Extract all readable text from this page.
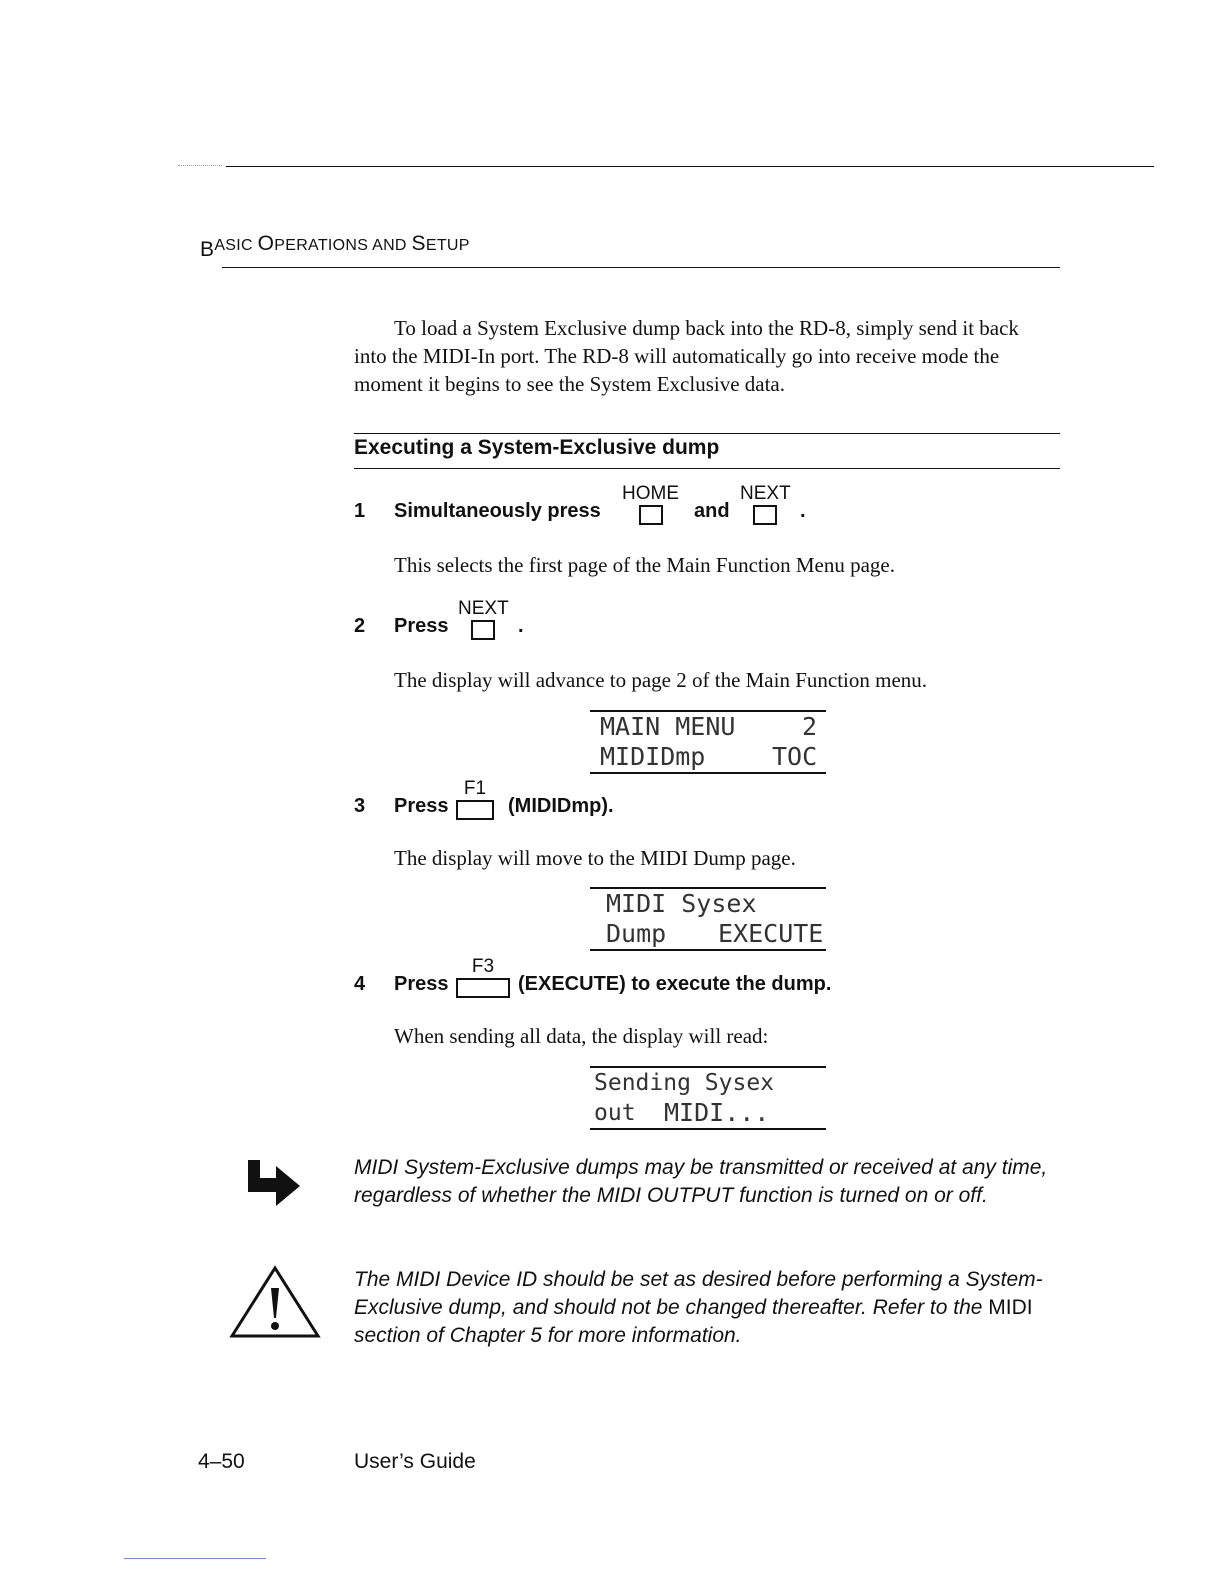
BASIC OPERATIONS AND SETUP

To load a System Exclusive dump back into the RD-8, simply send it back into the MIDI-In port. The RD-8 will automatically go into receive mode the moment it begins to see the System Exclusive data.

Executing a System-Exclusive dump
1 Simultaneously press
HOME
and
NEXT
.
This selects the first page of the Main Function Menu page.
2 Press
NEXT
.
The display will advance to page 2 of the Main Function menu.
MAIN MENU	2
MIDIDmp	TOC
3 Press
F1
(MIDIDmp).
The display will move to the MIDI Dump page.
MIDI Sysex Dump	EXECUTE
4 Press
F3
(EXECUTE) to execute the dump.
When sending all data, the display will read:
Sending Sysex out	MIDI...
MIDI System-Exclusive dumps may be transmitted or received at any time, regardless of whether the MIDI OUTPUT function is turned on or off.
The MIDI Device ID should be set as desired before performing a System-Exclusive dump, and should not be changed thereafter. Refer to the MIDI section of Chapter 5 for more information.
4–50	User’s Guide
